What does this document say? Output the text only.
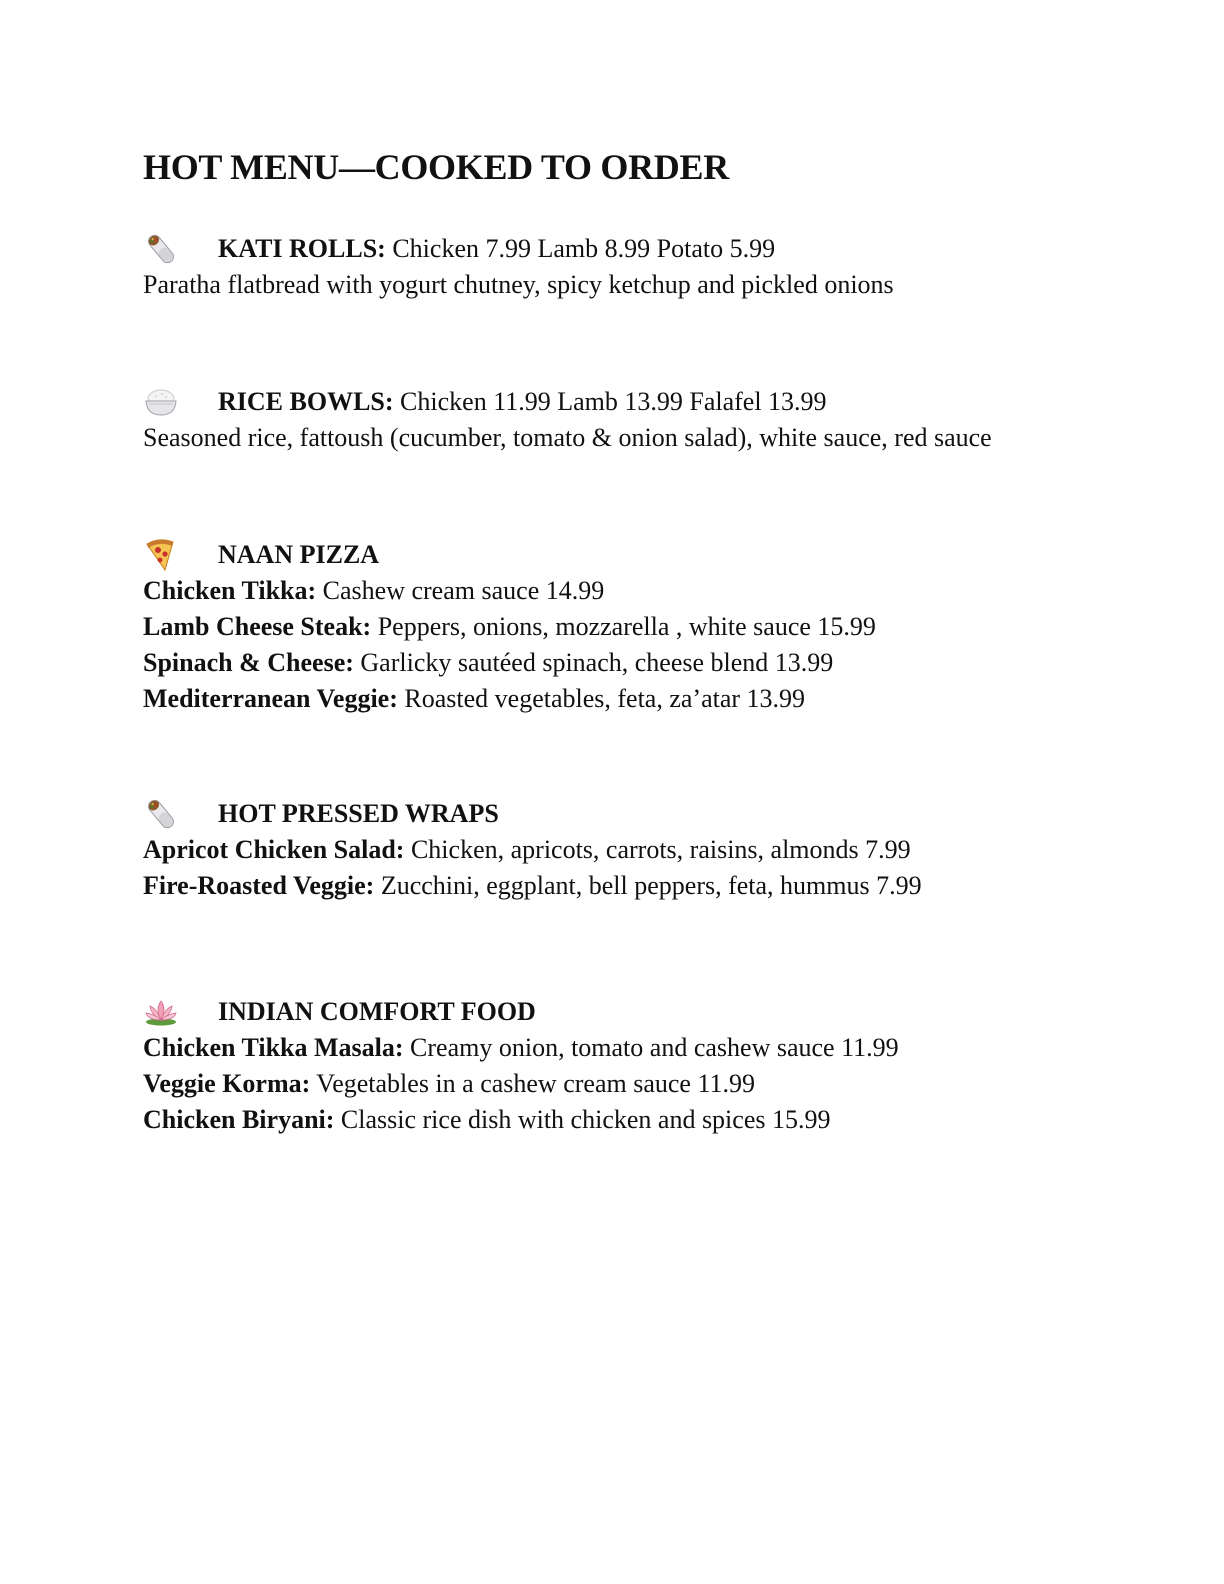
HOT MENU—COOKED TO ORDER
KATI ROLLS: Chicken 7.99 Lamb 8.99 Potato 5.99
Paratha flatbread with yogurt chutney, spicy ketchup and pickled onions
RICE BOWLS: Chicken 11.99 Lamb 13.99 Falafel 13.99
Seasoned rice, fattoush (cucumber, tomato & onion salad), white sauce, red sauce
NAAN PIZZA
Chicken Tikka: Cashew cream sauce 14.99
Lamb Cheese Steak: Peppers, onions, mozzarella , white sauce 15.99
Spinach & Cheese: Garlicky sautéed spinach, cheese blend 13.99
Mediterranean Veggie: Roasted vegetables, feta, za’atar 13.99
HOT PRESSED WRAPS
Apricot Chicken Salad: Chicken, apricots, carrots, raisins, almonds 7.99
Fire-Roasted Veggie: Zucchini, eggplant, bell peppers, feta, hummus 7.99
INDIAN COMFORT FOOD
Chicken Tikka Masala: Creamy onion, tomato and cashew sauce 11.99
Veggie Korma: Vegetables in a cashew cream sauce 11.99
Chicken Biryani: Classic rice dish with chicken and spices 15.99
